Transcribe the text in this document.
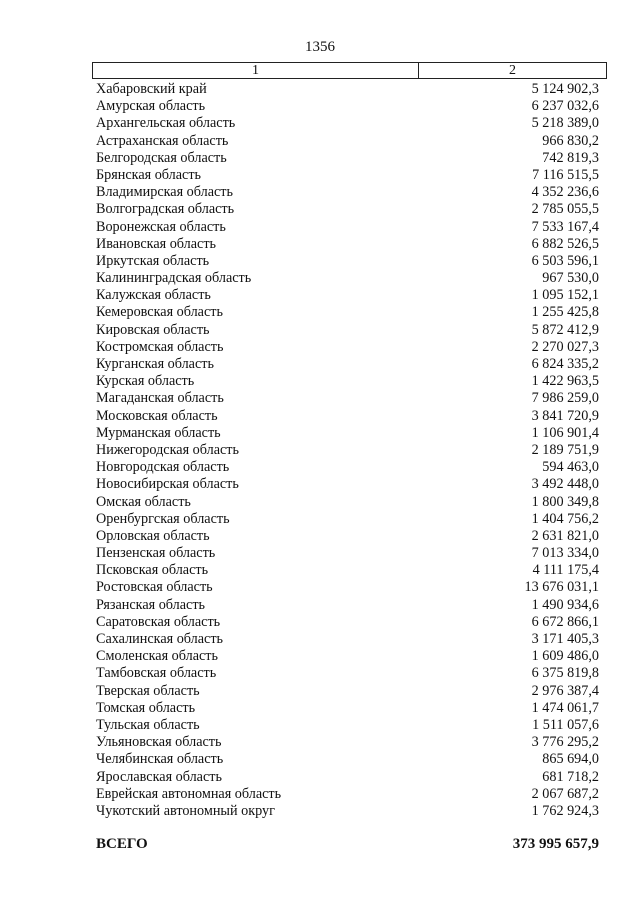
1356
1	2
Хабаровский край	5 124 902,3
Амурская область	6 237 032,6
Архангельская область	5 218 389,0
Астраханская область	966 830,2
Белгородская область	742 819,3
Брянская область	7 116 515,5
Владимирская область	4 352 236,6
Волгоградская область	2 785 055,5
Воронежская область	7 533 167,4
Ивановская область	6 882 526,5
Иркутская область	6 503 596,1
Калининградская область	967 530,0
Калужская область	1 095 152,1
Кемеровская область	1 255 425,8
Кировская область	5 872 412,9
Костромская область	2 270 027,3
Курганская область	6 824 335,2
Курская область	1 422 963,5
Магаданская область	7 986 259,0
Московская область	3 841 720,9
Мурманская область	1 106 901,4
Нижегородская область	2 189 751,9
Новгородская область	594 463,0
Новосибирская область	3 492 448,0
Омская область	1 800 349,8
Оренбургская область	1 404 756,2
Орловская область	2 631 821,0
Пензенская область	7 013 334,0
Псковская область	4 111 175,4
Ростовская область	13 676 031,1
Рязанская область	1 490 934,6
Саратовская область	6 672 866,1
Сахалинская область	3 171 405,3
Смоленская область	1 609 486,0
Тамбовская область	6 375 819,8
Тверская область	2 976 387,4
Томская область	1 474 061,7
Тульская область	1 511 057,6
Ульяновская область	3 776 295,2
Челябинская область	865 694,0
Ярославская область	681 718,2
Еврейская автономная область	2 067 687,2
Чукотский автономный округ	1 762 924,3
ВСЕГО	373 995 657,9
